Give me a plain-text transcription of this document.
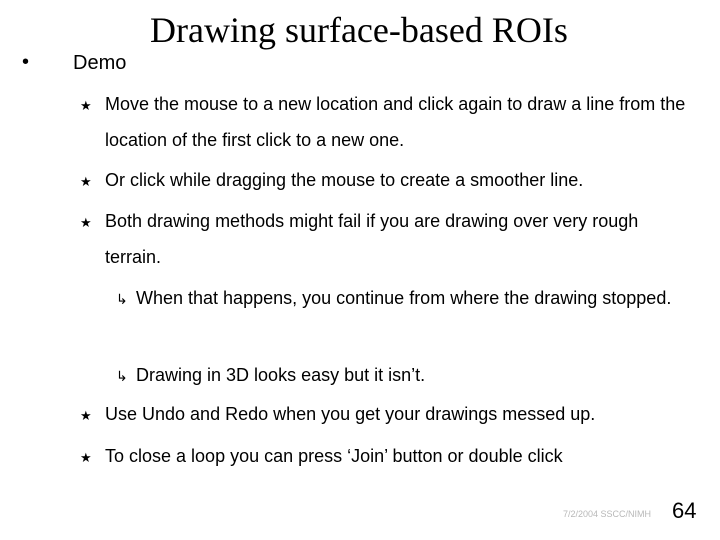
Drawing surface-based ROIs
• Demo
★ Move the mouse to a new location and click again to draw a line from the location of the first click to a new one.
★ Or click while dragging the mouse to create a smoother line.
★ Both drawing methods might fail if you are drawing over very rough terrain.
↳ When that happens, you continue from where the drawing stopped.
↳ Drawing in 3D looks easy but it isn’t.
★ Use Undo and Redo when you get your drawings messed up.
★ To close a loop you can press ‘Join’ button or double click
7/2/2004 SSCC/NIMH 64
